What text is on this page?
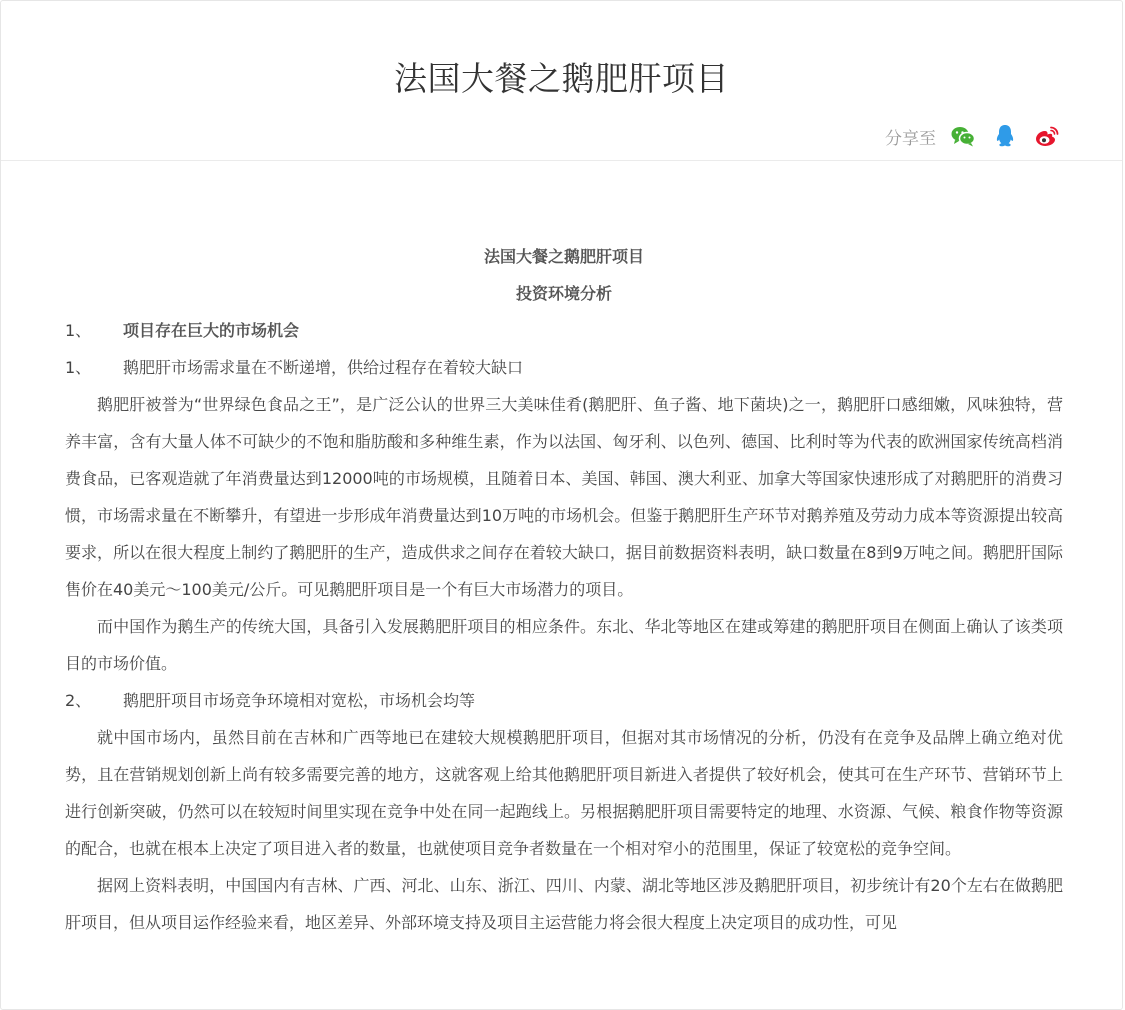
法国大餐之鹅肥肝项目
分享至

法国大餐之鹅肥肝项目

投资环境分析

1、 项目存在巨大的市场机会

1、 鹅肥肝市场需求量在不断递增，供给过程存在着较大缺口

鹅肥肝被誉为“世界绿色食品之王”，是广泛公认的世界三大美味佳肴(鹅肥肝、鱼子酱、地下菌块)之一，鹅肥肝口感细嫩，风味独特，营养丰富，含有大量人体不可缺少的不饱和脂肪酸和多种维生素，作为以法国、匈牙利、以色列、德国、比利时等为代表的欧洲国家传统高档消费食品，已客观造就了年消费量达到12000吨的市场规模，且随着日本、美国、韩国、澳大利亚、加拿大等国家快速形成了对鹅肥肝的消费习惯，市场需求量在不断攀升，有望进一步形成年消费量达到10万吨的市场机会。但鉴于鹅肥肝生产环节对鹅养殖及劳动力成本等资源提出较高要求，所以在很大程度上制约了鹅肥肝的生产，造成供求之间存在着较大缺口，据目前数据资料表明，缺口数量在8到9万吨之间。鹅肥肝国际售价在40美元～100美元/公斤。可见鹅肥肝项目是一个有巨大市场潜力的项目。

而中国作为鹅生产的传统大国，具备引入发展鹅肥肝项目的相应条件。东北、华北等地区在建或筹建的鹅肥肝项目在侧面上确认了该类项目的市场价值。

2、 鹅肥肝项目市场竞争环境相对宽松，市场机会均等

就中国市场内，虽然目前在吉林和广西等地已在建较大规模鹅肥肝项目，但据对其市场情况的分析，仍没有在竞争及品牌上确立绝对优势，且在营销规划创新上尚有较多需要完善的地方，这就客观上给其他鹅肥肝项目新进入者提供了较好机会，使其可在生产环节、营销环节上进行创新突破，仍然可以在较短时间里实现在竞争中处在同一起跑线上。另根据鹅肥肝项目需要特定的地理、水资源、气候、粮食作物等资源的配合，也就在根本上决定了项目进入者的数量，也就使项目竞争者数量在一个相对窄小的范围里，保证了较宽松的竞争空间。

据网上资料表明，中国国内有吉林、广西、河北、山东、浙江、四川、内蒙、湖北等地区涉及鹅肥肝项目，初步统计有20个左右在做鹅肥肝项目，但从项目运作经验来看，地区差异、外部环境支持及项目主运营能力将会很大程度上决定项目的成功性，可见
